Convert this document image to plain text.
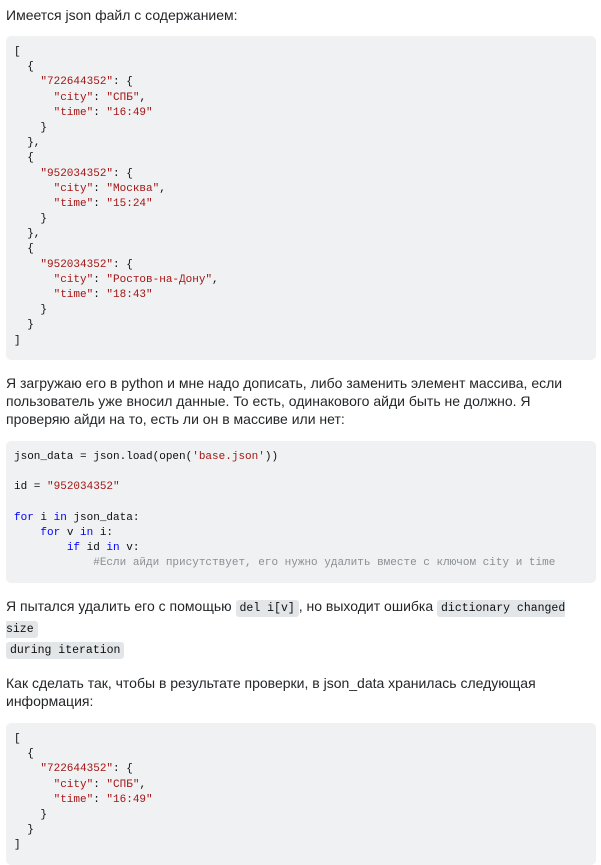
Имеется json файл с содержанием:

[
{
"722644352": {
"city": "СПБ",
"time": "16:49"
}
},
{
"952034352": {
"city": "Москва",
"time": "15:24"
}
},
{
"952034352": {
"city": "Ростов-на-Дону",
"time": "18:43"
}
}
]

Я загружаю его в python и мне надо дописать, либо заменить элемент массива, если пользователь уже вносил данные. То есть, одинакового айди быть не должно. Я проверяю айди на то, есть ли он в массиве или нет:

json_data = json.load(open('base.json'))
id = "952034352"
for i in json_data:
for v in i:
if id in v:
#Если айди присутствует, его нужно удалить вместе с ключом city и time

Я пытался удалить его с помощью del i[v] , но выходит ошибка dictionary changed size
during iteration

Как сделать так, чтобы в результате проверки, в json_data хранилась следующая информация:

[
{
"722644352": {
"city": "СПБ",
"time": "16:49"
}
}
]
